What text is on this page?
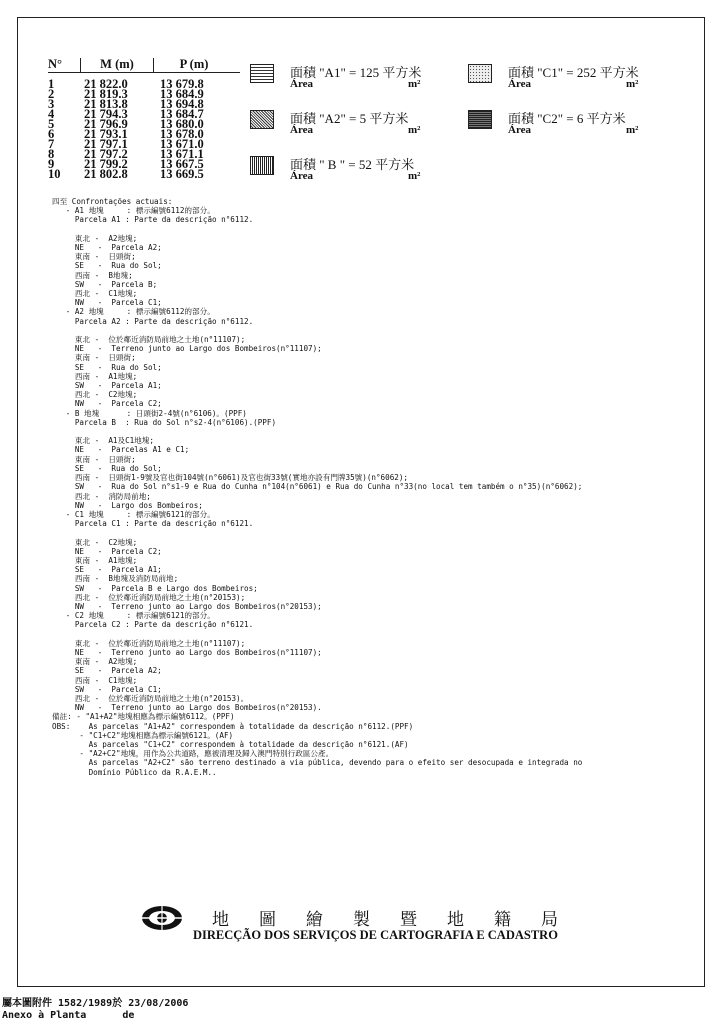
N°	M (m)	P (m)
1	21 822.0	13 679.8
2	21 819.3	13 684.9
3	21 813.8	13 694.8
4	21 794.3	13 684.7
5	21 796.9	13 680.0
6	21 793.1	13 678.0
7	21 797.1	13 671.0
8	21 797.2	13 671.1
9	21 799.2	13 667.5
10	21 802.8	13 669.5
面積 "A1" = 125 平方米
Área	m²
面積 "C1" = 252 平方米
Área	m²
面積 "A2" = 5 平方米
Área	m²
面積 "C2" = 6 平方米
Área	m²
面積 " B " = 52 平方米
Área	m²
四至 Confrontações actuais:
- A1 地塊     : 標示編號6112的部分。
Parcela A1 : Parte da descrição n°6112.

東北 -  A2地塊;
NE   -  Parcela A2;
東南 -  日頭街;
SE   -  Rua do Sol;
西南 -  B地塊;
SW   -  Parcela B;
西北 -  C1地塊;
NW   -  Parcela C1;
- A2 地塊     : 標示編號6112的部分。
Parcela A2 : Parte da descrição n°6112.

東北 -  位於鄰近消防局前地之土地(n°11107);
NE   -  Terreno junto ao Largo dos Bombeiros(n°11107);
東南 -  日頭街;
SE   -  Rua do Sol;
西南 -  A1地塊;
SW   -  Parcela A1;
西北 -  C2地塊;
NW   -  Parcela C2;
- B 地塊      : 日頭街2-4號(n°6106)。(PPF)
Parcela B  : Rua do Sol n°s2-4(n°6106).(PPF)

東北 -  A1及C1地塊;
NE   -  Parcelas A1 e C1;
東南 -  日頭街;
SE   -  Rua do Sol;
西南 -  日頭街1-9號及官也街104號(n°6061)及官也街33號(實地亦設有門牌35號)(n°6062);
SW   -  Rua do Sol n°s1-9 e Rua do Cunha n°104(n°6061) e Rua do Cunha n°33(no local tem também o n°35)(n°6062);
西北 -  消防局前地;
NW   -  Largo dos Bombeiros;
- C1 地塊     : 標示編號6121的部分。
Parcela C1 : Parte da descrição n°6121.

東北 -  C2地塊;
NE   -  Parcela C2;
東南 -  A1地塊;
SE   -  Parcela A1;
西南 -  B地塊及消防局前地;
SW   -  Parcela B e Largo dos Bombeiros;
西北 -  位於鄰近消防局前地之土地(n°20153);
NW   -  Terreno junto ao Largo dos Bombeiros(n°20153);
- C2 地塊     : 標示編號6121的部分。
Parcela C2 : Parte da descrição n°6121.

東北 -  位於鄰近消防局前地之土地(n°11107);
NE   -  Terreno junto ao Largo dos Bombeiros(n°11107);
東南 -  A2地塊;
SE   -  Parcela A2;
西南 -  C1地塊;
SW   -  Parcela C1;
西北 -  位於鄰近消防局前地之土地(n°20153)。
NW   -  Terreno junto ao Largo dos Bombeiros(n°20153).
備註: - "A1+A2"地塊相應為標示編號6112。(PPF)
OBS:    As parcelas "A1+A2" correspondem à totalidade da descrição n°6112.(PPF)
- "C1+C2"地塊相應為標示編號6121。(AF)
As parcelas "C1+C2" correspondem à totalidade da descrição n°6121.(AF)
- "A2+C2"地塊，用作為公共道路，應被清理及歸入澳門特別行政區公產。
As parcelas "A2+C2" são terreno destinado a via pública, devendo para o efeito ser desocupada e integrada no
Domínio Público da R.A.E.M..
地圖繪製暨地籍局
DIRECÇÃO DOS SERVIÇOS DE CARTOGRAFIA E CADASTRO
屬本圖附件 1582/1989於 23/08/2006
Anexo à Planta      de
